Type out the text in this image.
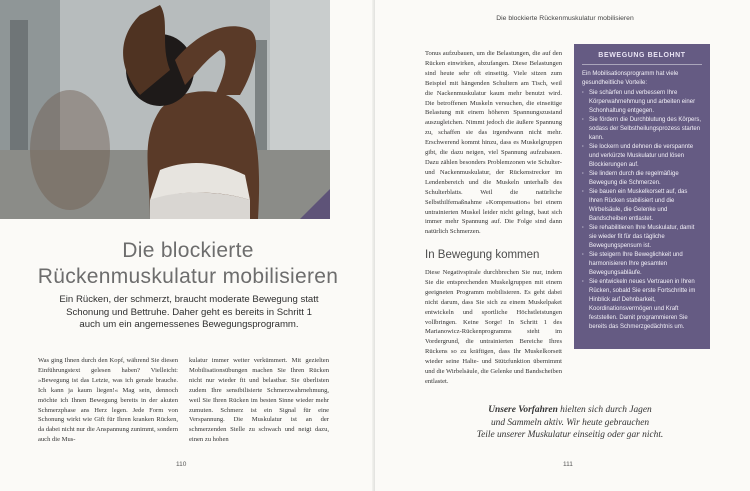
Die blockierte
Rückenmuskulatur mobilisieren

Ein Rücken, der schmerzt, braucht moderate Bewegung statt Schonung und Bettruhe. Daher geht es bereits in Schritt 1 auch um ein angemessenes Bewegungsprogramm.

Was ging Ihnen durch den Kopf, während Sie diesen Einführungstext gelesen haben? Vielleicht: »Bewegung ist das Letzte, was ich gerade brauche. Ich kann ja kaum liegen!« Mag sein, dennoch möchte ich Ihnen Bewegung bereits in der akuten Schmerzphase ans Herz legen. Jede Form von Schonung wirkt wie Gift für Ihren kranken Rücken, da dabei nicht nur die Anspannung zunimmt, sondern auch die Mus-

kulatur immer weiter verkümmert. Mit gezielten Mobilisationsübungen machen Sie Ihren Rücken nicht nur wieder fit und belastbar. Sie überlisten zudem Ihre sensibilisierte Schmerzwahrnehmung, weil Sie Ihren Rücken im besten Sinne wieder mehr zumuten. Schmerz ist ein Signal für eine Verspannung. Die Muskulatur ist an der schmerzenden Stelle zu schwach und neigt dazu, einen zu hohen

110
Die blockierte Rückenmuskulatur mobilisieren

Tonus aufzubauen, um die Belastungen, die auf den Rücken einwirken, abzufangen. Diese Belastungen sind heute sehr oft einseitig. Viele sitzen zum Beispiel mit hängenden Schultern am Tisch, weil die Nackenmuskulatur kaum mehr benutzt wird. Die betroffenen Muskeln versuchen, die einseitige Belastung mit einem höheren Spannungszustand auszugleichen. Nimmt jedoch die äußere Spannung zu, schaffen sie das irgendwann nicht mehr. Erschwerend kommt hinzu, dass es Muskelgruppen gibt, die dazu neigen, viel Spannung aufzubauen. Dazu zählen besonders Problemzonen wie Schulter- und Nackenmuskulatur, der Rückenstrecker im Lendenbereich und die Muskeln unterhalb des Schulterblatts. Weil die natürliche Selbsthilfemaßnahme »Kompensation« bei einem untrainierten Muskel leider nicht gelingt, baut sich immer mehr Spannung auf. Die Folge sind dann natürlich Schmerzen.

In Bewegung kommen

Diese Negativspirale durchbrechen Sie nur, indem Sie die entsprechenden Muskelgruppen mit einem geeigneten Programm mobilisieren. Es geht dabei nicht darum, dass Sie sich zu einem Muskelpaket entwickeln und sportliche Höchstleistungen vollbringen. Keine Sorge! In Schritt 1 des Marianowicz-Rückenprogramms steht im Vordergrund, die untrainierten Bereiche Ihres Rückens so zu kräftigen, dass Ihr Muskelkorsett wieder seine Halte- und Stützfunktion übernimmt und die Wirbelsäule, die Gelenke und Bandscheiben entlastet.

BEWEGUNG BELOHNT
Ein Mobilisationsprogramm hat viele gesundheitliche Vorteile:
· Sie schärfen und verbessern Ihre Körperwahrnehmung und arbeiten einer Schonhaltung entgegen.
· Sie fördern die Durchblutung des Körpers, sodass der Selbstheilungsprozess starten kann.
· Sie lockern und dehnen die verspannte und verkürzte Muskulatur und lösen Blockierungen auf.
· Sie lindern durch die regelmäßige Bewegung die Schmerzen.
· Sie bauen ein Muskelkorsett auf, das Ihren Rücken stabilisiert und die Wirbelsäule, die Gelenke und Bandscheiben entlastet.
· Sie rehabilitieren Ihre Muskulatur, damit sie wieder fit für das tägliche Bewegungspensum ist.
· Sie steigern Ihre Beweglichkeit und harmonisieren Ihre gesamten Bewegungsabläufe.
· Sie entwickeln neues Vertrauen in Ihren Rücken, sobald Sie erste Fortschritte im Hinblick auf Dehnbarkeit, Koordinationsvermögen und Kraft feststellen. Damit programmieren Sie bereits das Schmerzgedächtnis um.
Unsere Vorfahren hielten sich durch Jagen
und Sammeln aktiv. Wir heute gebrauchen
Teile unserer Muskulatur einseitig oder gar nicht.
111
